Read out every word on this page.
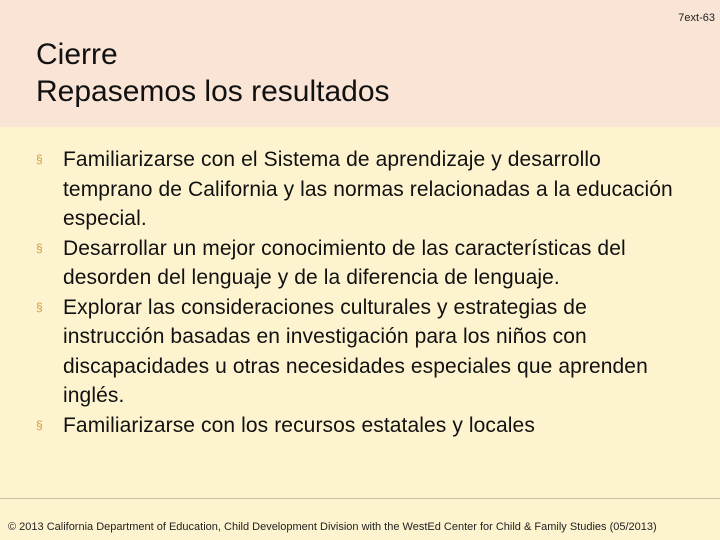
7ext-63
Cierre
Repasemos los resultados
§ Familiarizarse con el Sistema de aprendizaje y desarrollo temprano de California y las normas relacionadas a la educación especial.
§ Desarrollar un mejor conocimiento de las características del desorden del lenguaje y de la diferencia de lenguaje.
§ Explorar las consideraciones culturales y estrategias de instrucción basadas en investigación para los niños con discapacidades u otras necesidades especiales que aprenden inglés.
§ Familiarizarse con los recursos estatales y locales
© 2013 California Department of Education, Child Development Division with the WestEd Center for Child & Family Studies (05/2013)
